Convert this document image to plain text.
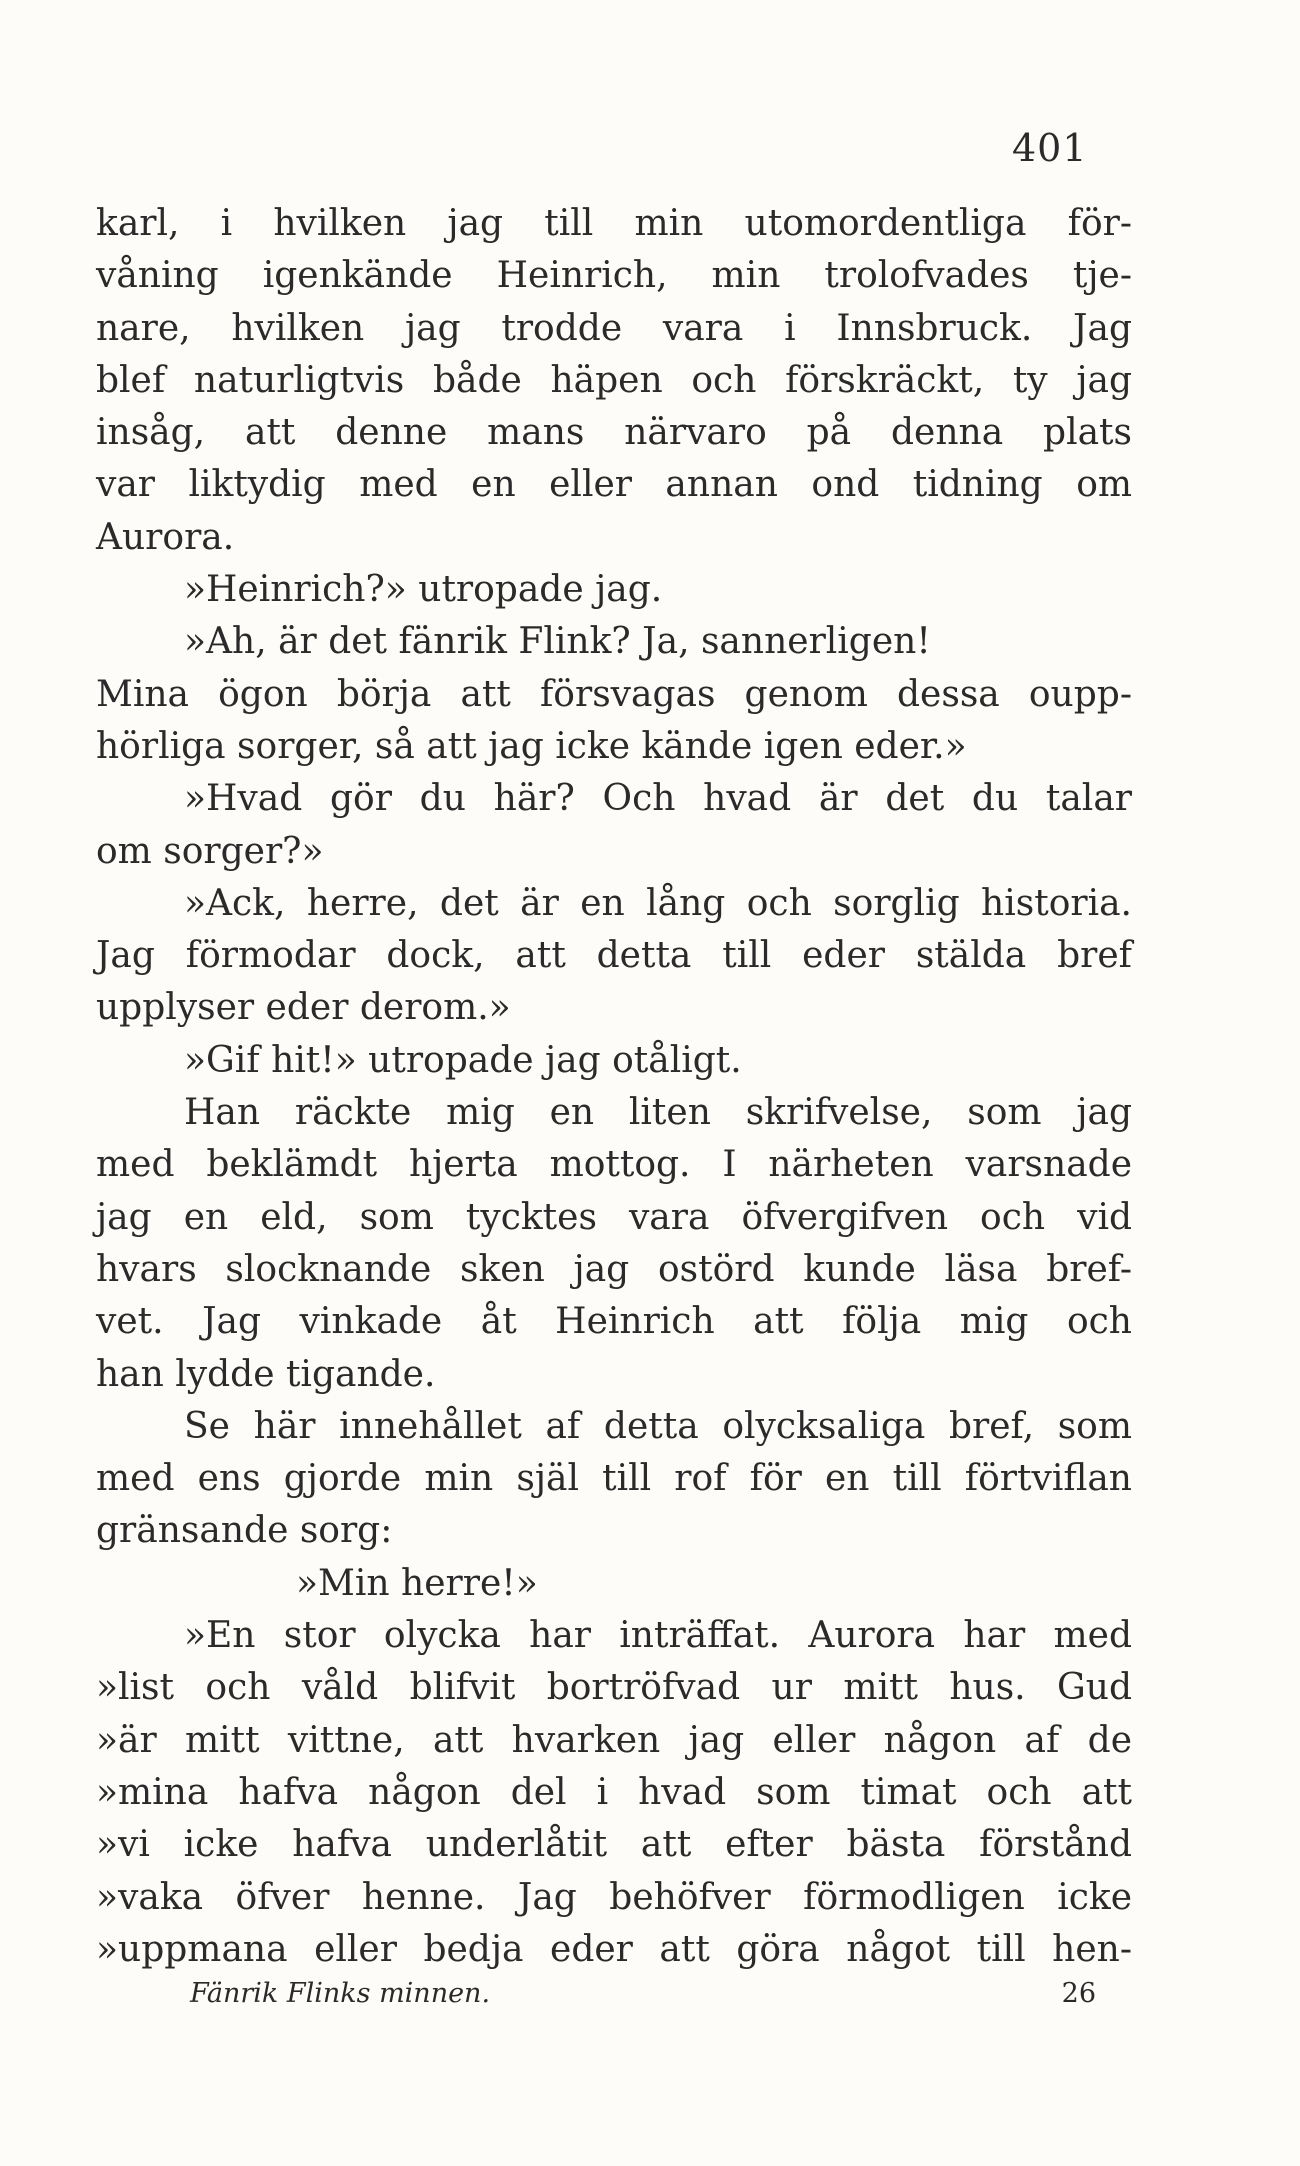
401
karl, i hvilken jag till min utomordentliga för-
våning igenkände Heinrich, min trolofvades tje-
nare, hvilken jag trodde vara i Innsbruck. Jag
blef naturligtvis både häpen och förskräckt, ty jag
insåg, att denne mans närvaro på denna plats
var liktydig med en eller annan ond tidning om
Aurora.
»Heinrich?» utropade jag.
»Ah, är det fänrik Flink? Ja, sannerligen!
Mina ögon börja att försvagas genom dessa oupp-
hörliga sorger, så att jag icke kände igen eder.»
»Hvad gör du här? Och hvad är det du talar
om sorger?»
»Ack, herre, det är en lång och sorglig historia.
Jag förmodar dock, att detta till eder stälda bref
upplyser eder derom.»
»Gif hit!» utropade jag otåligt.
Han räckte mig en liten skrifvelse, som jag
med beklämdt hjerta mottog. I närheten varsnade
jag en eld, som tycktes vara öfvergifven och vid
hvars slocknande sken jag ostörd kunde läsa bref-
vet. Jag vinkade åt Heinrich att följa mig och
han lydde tigande.
Se här innehållet af detta olycksaliga bref, som
med ens gjorde min själ till rof för en till förtviflan
gränsande sorg:
»Min herre!»
»En stor olycka har inträffat. Aurora har med
»list och våld blifvit bortröfvad ur mitt hus. Gud
»är mitt vittne, att hvarken jag eller någon af de
»mina hafva någon del i hvad som timat och att
»vi icke hafva underlåtit att efter bästa förstånd
»vaka öfver henne. Jag behöfver förmodligen icke
»uppmana eller bedja eder att göra något till hen-
Fänrik Flinks minnen.	26
